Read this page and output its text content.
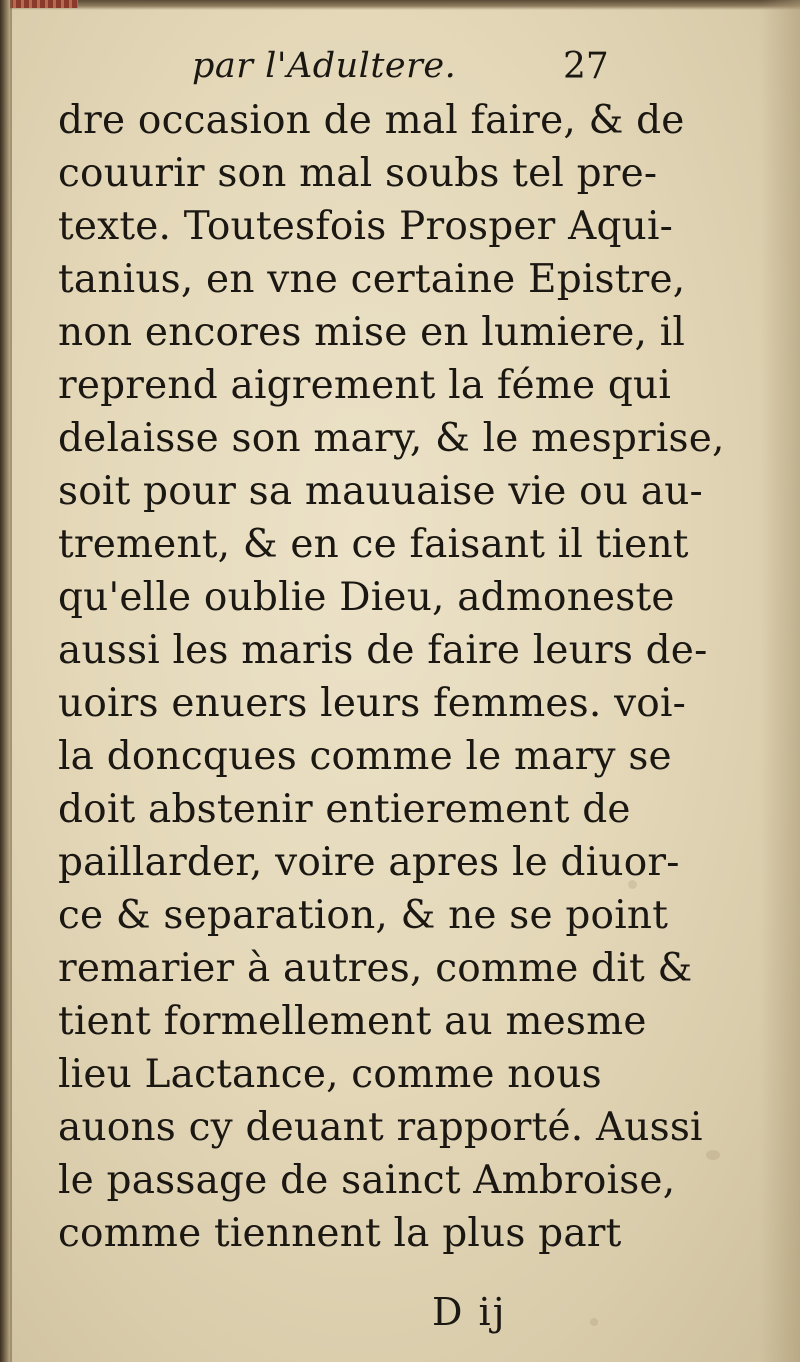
par l'Adultere.	27
dre occasion de mal faire, & de
couurir son mal soubs tel pre-
texte. Toutesfois Prosper Aqui-
tanius, en vne certaine Epistre,
non encores mise en lumiere, il
reprend aigrement la féme qui
delaisse son mary, & le mesprise,
soit pour sa mauuaise vie ou au-
trement, & en ce faisant il tient
qu'elle oublie Dieu, admoneste
aussi les maris de faire leurs de-
uoirs enuers leurs femmes. voi-
la doncques comme le mary se
doit abstenir entierement de
paillarder, voire apres le diuor-
ce & separation, & ne se point
remarier à autres, comme dit &
tient formellement au mesme
lieu Lactance, comme nous
auons cy deuant rapporté. Aussi
le passage de sainct Ambroise,
comme tiennent la plus part
D ij
